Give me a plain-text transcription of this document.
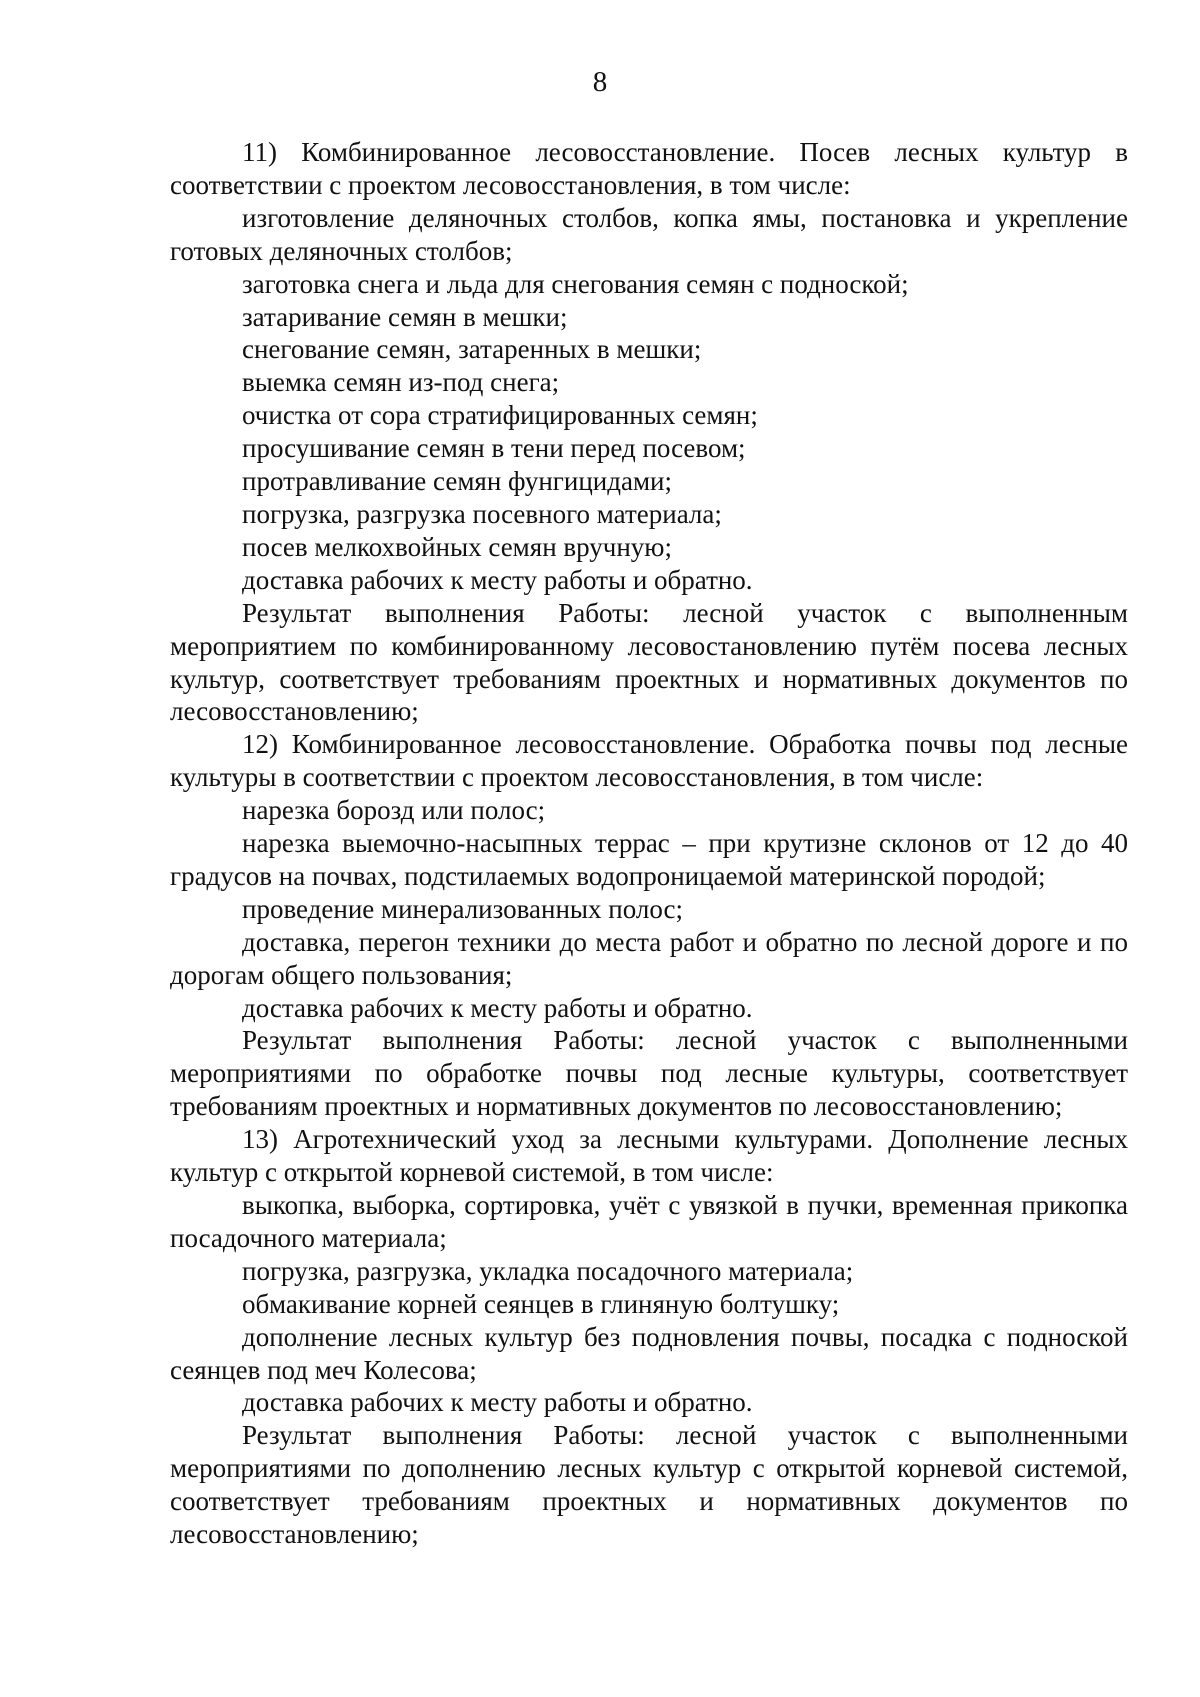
8

11) Комбинированное лесовосстановление. Посев лесных культур в соответствии с проектом лесовосстановления, в том числе:

изготовление деляночных столбов, копка ямы, постановка и укрепление готовых деляночных столбов;

заготовка снега и льда для снегования семян с подноской;

затаривание семян в мешки;

снегование семян, затаренных в мешки;

выемка семян из-под снега;

очистка от сора стратифицированных семян;

просушивание семян в тени перед посевом;

протравливание семян фунгицидами;

погрузка, разгрузка посевного материала;

посев мелкохвойных семян вручную;

доставка рабочих к месту работы и обратно.

Результат выполнения Работы: лесной участок с выполненным мероприятием по комбинированному лесовостановлению путём посева лесных культур, соответствует требованиям проектных и нормативных документов по лесовосстановлению;

12) Комбинированное лесовосстановление. Обработка почвы под лесные культуры в соответствии с проектом лесовосстановления, в том числе:

нарезка борозд или полос;

нарезка выемочно-насыпных террас – при крутизне склонов от 12 до 40 градусов на почвах, подстилаемых водопроницаемой материнской породой;

проведение минерализованных полос;

доставка, перегон техники до места работ и обратно по лесной дороге и по дорогам общего пользования;

доставка рабочих к месту работы и обратно.

Результат выполнения Работы: лесной участок с выполненными мероприятиями по обработке почвы под лесные культуры, соответствует требованиям проектных и нормативных документов по лесовосстановлению;

13) Агротехнический уход за лесными культурами. Дополнение лесных культур с открытой корневой системой, в том числе:

выкопка, выборка, сортировка, учёт с увязкой в пучки, временная прикопка посадочного материала;

погрузка, разгрузка, укладка посадочного материала;

обмакивание корней сеянцев в глиняную болтушку;

дополнение лесных культур без подновления почвы, посадка с подноской сеянцев под меч Колесова;

доставка рабочих к месту работы и обратно.

Результат выполнения Работы: лесной участок с выполненными мероприятиями по дополнению лесных культур с открытой корневой системой, соответствует требованиям проектных и нормативных документов по лесовосстановлению;
